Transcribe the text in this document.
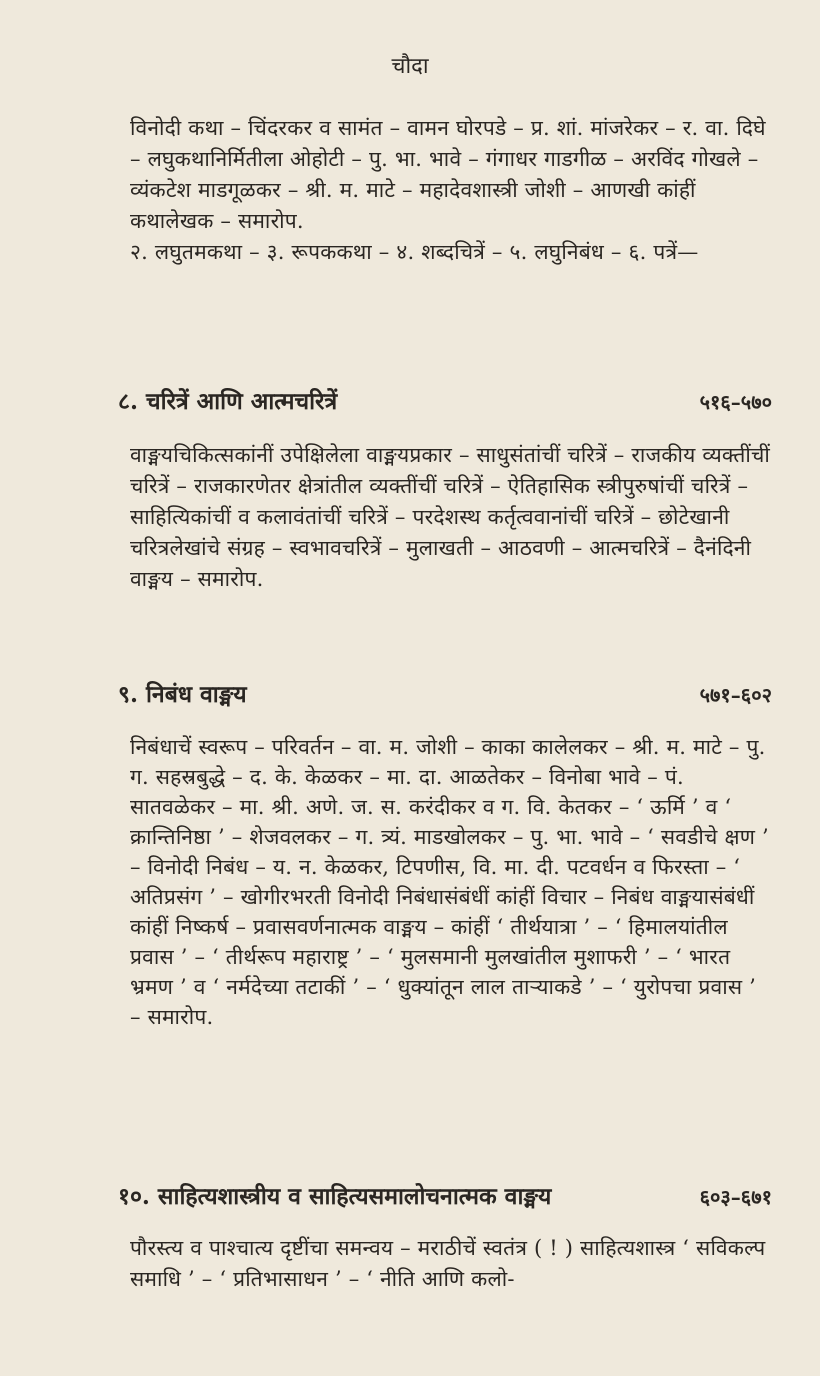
चौदा

विनोदी कथा – चिंदरकर व सामंत – वामन घोरपडे – प्र. शां. मांजरेकर – र. वा. दिघे – लघुकथानिर्मितीला ओहोटी – पु. भा. भावे – गंगाधर गाडगीळ – अरविंद गोखले – व्यंकटेश माडगूळकर – श्री. म. माटे – महादेवशास्त्री जोशी – आणखी कांहीं कथालेखक – समारोप.

२. लघुतमकथा – ३. रूपककथा – ४. शब्दचित्रें – ५. लघुनिबंध – ६. पत्रें—

८. चरित्रें आणि आत्मचरित्रें	५१६–५७०

वाङ्मयचिकित्सकांनीं उपेक्षिलेला वाङ्मयप्रकार – साधुसंतांचीं चरित्रें – राजकीय व्यक्तींचीं चरित्रें – राजकारणेतर क्षेत्रांतील व्यक्तींचीं चरित्रें – ऐतिहासिक स्त्रीपुरुषांचीं चरित्रें – साहित्यिकांचीं व कलावंतांचीं चरित्रें – परदेशस्थ कर्तृत्ववानांचीं चरित्रें – छोटेखानी चरित्रलेखांचे संग्रह – स्वभावचरित्रें – मुलाखती – आठवणी – आत्मचरित्रें – दैनंदिनी वाङ्मय – समारोप.

९. निबंध वाङ्मय	५७१–६०२

निबंधाचें स्वरूप – परिवर्तन – वा. म. जोशी – काका कालेलकर – श्री. म. माटे – पु. ग. सहस्रबुद्धे – द. के. केळकर – मा. दा. आळतेकर – विनोबा भावे – पं. सातवळेकर – मा. श्री. अणे. ज. स. करंदीकर व ग. वि. केतकर – ‘ ऊर्मि ’ व ‘ क्रान्तिनिष्ठा ’ – शेजवलकर – ग. त्र्यं. माडखोलकर – पु. भा. भावे – ‘ सवडीचे क्षण ’ – विनोदी निबंध – य. न. केळकर, टिपणीस, वि. मा. दी. पटवर्धन व फिरस्ता – ‘ अतिप्रसंग ’ – खोगीरभरती विनोदी निबंधासंबंधीं कांहीं विचार – निबंध वाङ्मयासंबंधीं कांहीं निष्कर्ष – प्रवासवर्णनात्मक वाङ्मय – कांहीं ‘ तीर्थयात्रा ’ – ‘ हिमालयांतील प्रवास ’ – ‘ तीर्थरूप महाराष्ट्र ’ – ‘ मुलसमानी मुलखांतील मुशाफरी ’ – ‘ भारत भ्रमण ’ व ‘ नर्मदेच्या तटाकीं ’ – ‘ धुक्यांतून लाल ताऱ्याकडे ’ – ‘ युरोपचा प्रवास ’ – समारोप.

१०. साहित्यशास्त्रीय व साहित्यसमालोचनात्मक वाङ्मय	६०३–६७१

पौरस्त्य व पाश्चात्य दृष्टींचा समन्वय – मराठीचें स्वतंत्र ( ! ) साहित्यशास्त्र ‘ सविकल्प समाधि ’ – ‘ प्रतिभासाधन ’ – ‘ नीति आणि कलो-
